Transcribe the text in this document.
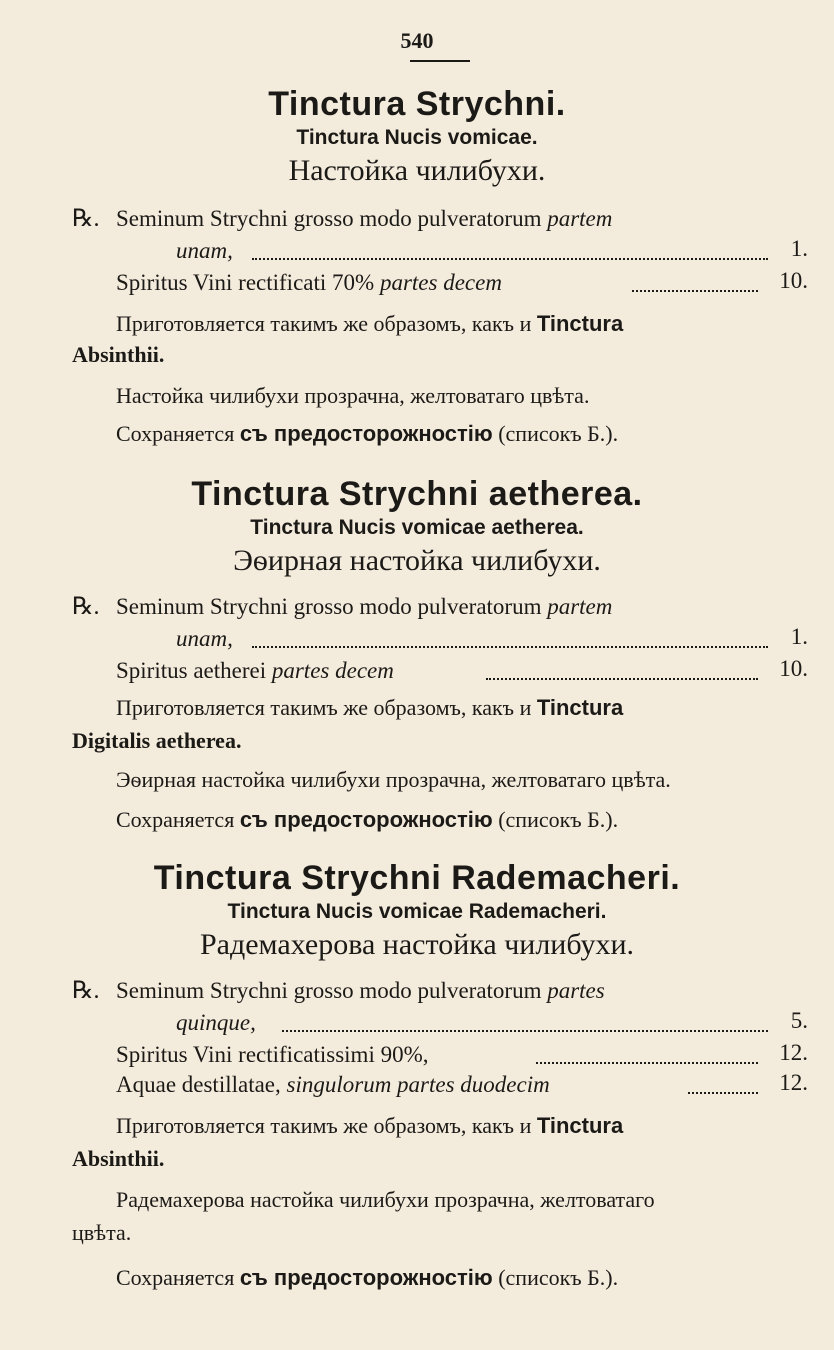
540
Tinctura Strychni.
Tinctura Nucis vomicae.
Настойка чилибухи.
℞. Seminum Strychni grosso modo pulveratorum partem
unam,	1.
Spiritus Vini rectificati 70% partes decem	10.
Приготовляется такимъ же образомъ, какъ и Tinctura
Absinthii.
Настойка чилибухи прозрачна, желтоватаго цвѣта.
Сохраняется съ предосторожностію (списокъ Б.).
Tinctura Strychni aetherea.
Tinctura Nucis vomicae aetherea.
Эѳирная настойка чилибухи.
℞. Seminum Strychni grosso modo pulveratorum partem
unam,	1.
Spiritus aetherei partes decem	10.
Приготовляется такимъ же образомъ, какъ и Tinctura
Digitalis aetherea.
Эѳирная настойка чилибухи прозрачна, желтоватаго цвѣта.
Сохраняется съ предосторожностію (списокъ Б.).
Tinctura Strychni Rademacheri.
Tinctura Nucis vomicae Rademacheri.
Радемахерова настойка чилибухи.
℞. Seminum Strychni grosso modo pulveratorum partes
quinque,	5.
Spiritus Vini rectificatissimi 90%,	12.
Aquae destillatae, singulorum partes duodecim	12.
Приготовляется такимъ же образомъ, какъ и Tinctura
Absinthii.
Радемахерова настойка чилибухи прозрачна, желтоватаго
цвѣта.
Сохраняется съ предосторожностію (списокъ Б.).
